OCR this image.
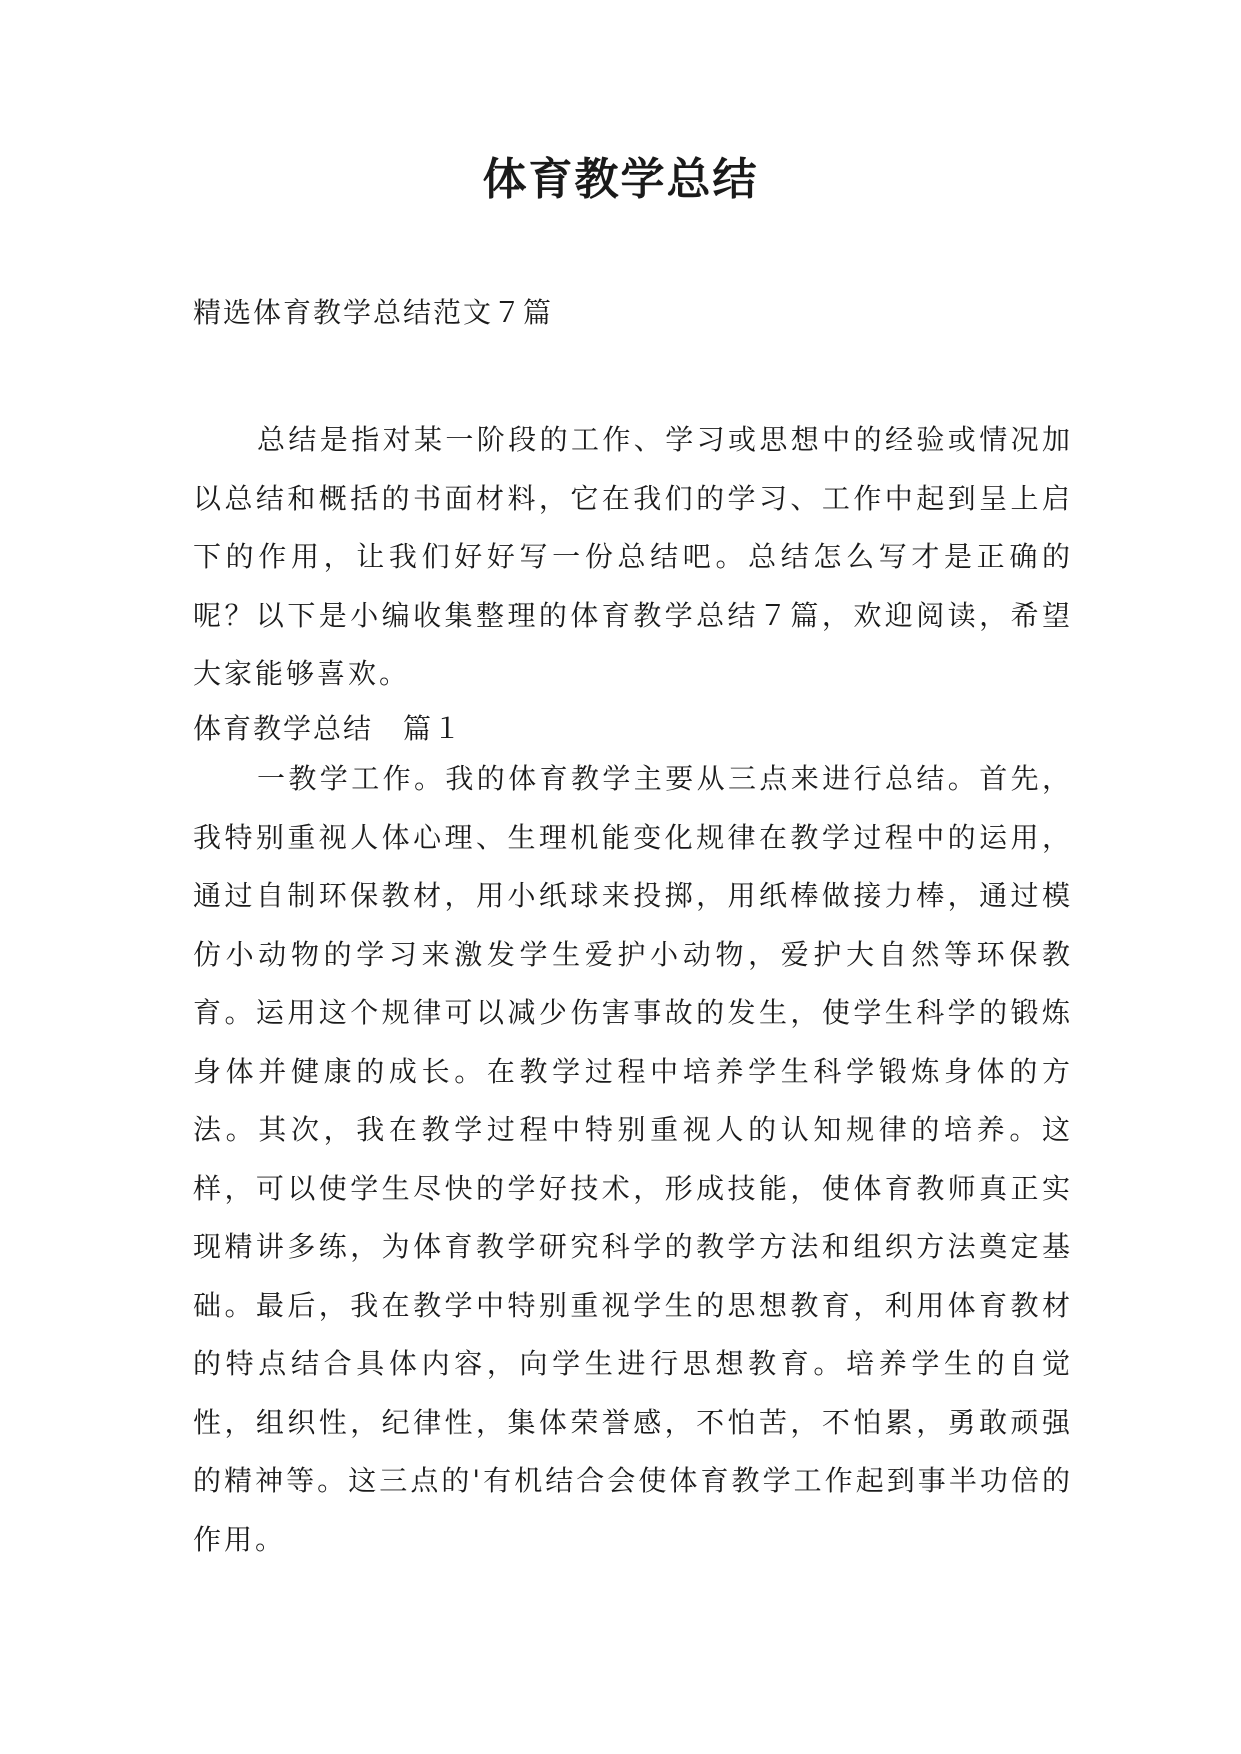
体育教学总结

精选体育教学总结范文７篇

总结是指对某一阶段的工作、学习或思想中的经验或情况加以总结和概括的书面材料，它在我们的学习、工作中起到呈上启下的作用，让我们好好写一份总结吧。总结怎么写才是正确的呢？以下是小编收集整理的体育教学总结７篇，欢迎阅读，希望大家能够喜欢。

体育教学总结　篇１

一教学工作。我的体育教学主要从三点来进行总结。首先，我特别重视人体心理、生理机能变化规律在教学过程中的运用，通过自制环保教材，用小纸球来投掷，用纸棒做接力棒，通过模仿小动物的学习来激发学生爱护小动物，爱护大自然等环保教育。运用这个规律可以减少伤害事故的发生，使学生科学的锻炼身体并健康的成长。在教学过程中培养学生科学锻炼身体的方法。其次，我在教学过程中特别重视人的认知规律的培养。这样，可以使学生尽快的学好技术，形成技能，使体育教师真正实现精讲多练，为体育教学研究科学的教学方法和组织方法奠定基础。最后，我在教学中特别重视学生的思想教育，利用体育教材的特点结合具体内容，向学生进行思想教育。培养学生的自觉性，组织性，纪律性，集体荣誉感，不怕苦，不怕累，勇敢顽强的精神等。这三点的'有机结合会使体育教学工作起到事半功倍的作用。
